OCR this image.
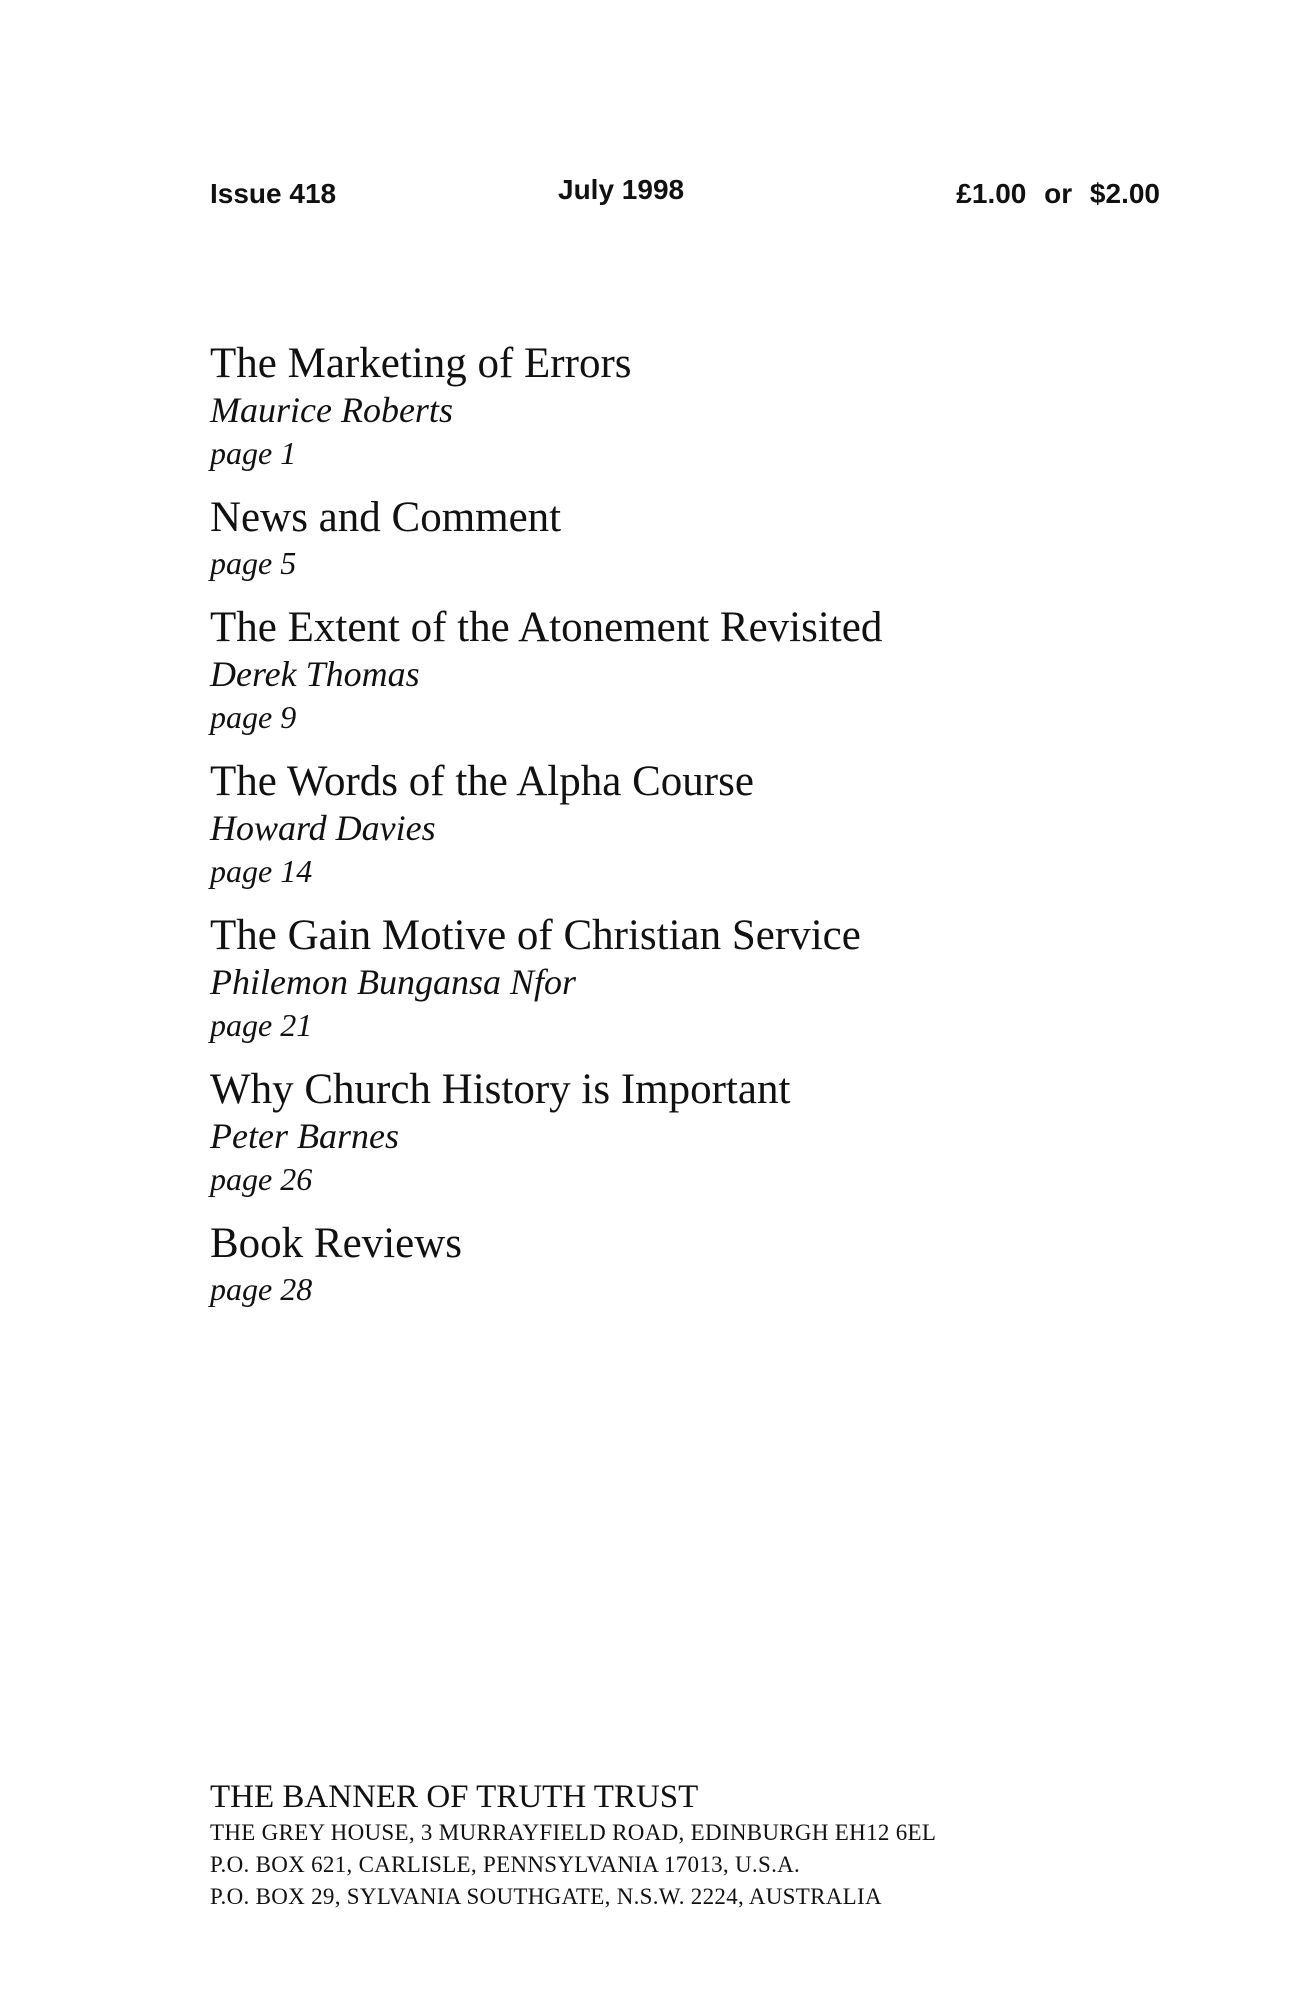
Issue 418	July 1998	£1.00 or $2.00
The Marketing of Errors
Maurice Roberts
page 1
News and Comment
page 5
The Extent of the Atonement Revisited
Derek Thomas
page 9
The Words of the Alpha Course
Howard Davies
page 14
The Gain Motive of Christian Service
Philemon Bungansa Nfor
page 21
Why Church History is Important
Peter Barnes
page 26
Book Reviews
page 28
THE BANNER OF TRUTH TRUST
THE GREY HOUSE, 3 MURRAYFIELD ROAD, EDINBURGH EH12 6EL
P.O. BOX 621, CARLISLE, PENNSYLVANIA 17013, U.S.A.
P.O. BOX 29, SYLVANIA SOUTHGATE, N.S.W. 2224, AUSTRALIA
